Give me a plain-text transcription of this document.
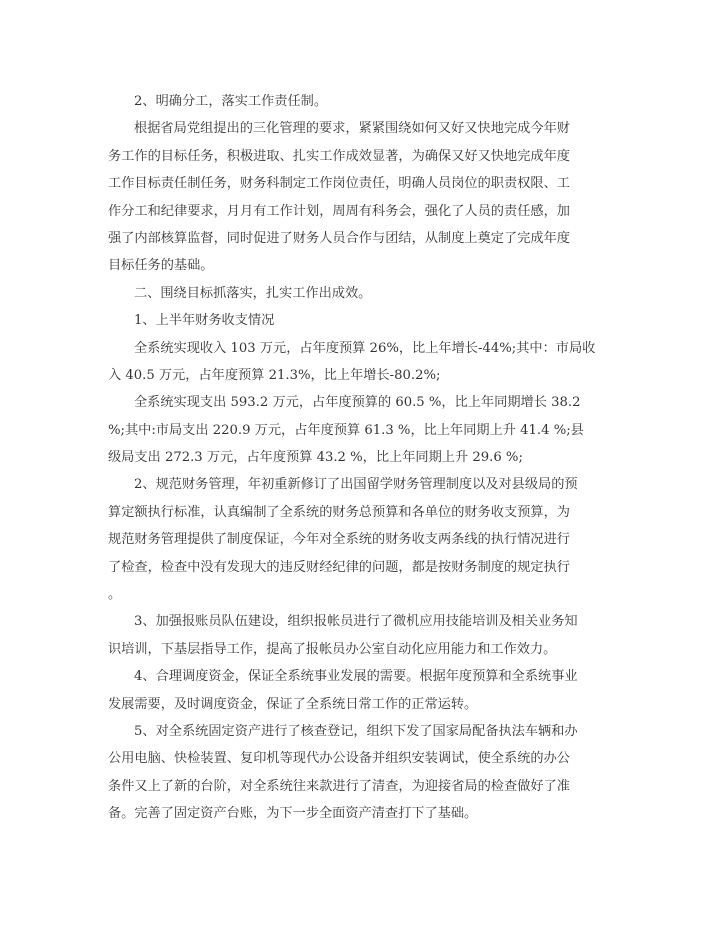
2、明确分工，落实工作责任制。
根据省局党组提出的三化管理的要求，紧紧围绕如何又好又快地完成今年财
务工作的目标任务，积极进取、扎实工作成效显著，为确保又好又快地完成年度
工作目标责任制任务，财务科制定工作岗位责任，明确人员岗位的职责权限、工
作分工和纪律要求，月月有工作计划，周周有科务会，强化了人员的责任感，加
强了内部核算监督，同时促进了财务人员合作与团结，从制度上奠定了完成年度
目标任务的基础。
二、围绕目标抓落实，扎实工作出成效。
1、上半年财务收支情况
全系统实现收入 103 万元，占年度预算 26%，比上年增长-44%;其中：市局收
入 40.5 万元，占年度预算 21.3%，比上年增长-80.2%;
全系统实现支出 593.2 万元，占年度预算的 60.5 %，比上年同期增长 38.2
%;其中:市局支出 220.9 万元，占年度预算 61.3 %，比上年同期上升 41.4 %;县
级局支出 272.3 万元，占年度预算 43.2 %，比上年同期上升 29.6 %;
2、规范财务管理，年初重新修订了出国留学财务管理制度以及对县级局的预
算定额执行标准，认真编制了全系统的财务总预算和各单位的财务收支预算，为
规范财务管理提供了制度保证，今年对全系统的财务收支两条线的执行情况进行
了检查，检查中没有发现大的违反财经纪律的问题，都是按财务制度的规定执行
。
3、加强报账员队伍建设，组织报帐员进行了微机应用技能培训及相关业务知
识培训，下基层指导工作，提高了报帐员办公室自动化应用能力和工作效力。
4、合理调度资金，保证全系统事业发展的需要。根据年度预算和全系统事业
发展需要，及时调度资金，保证了全系统日常工作的正常运转。
5、对全系统固定资产进行了核查登记，组织下发了国家局配备执法车辆和办
公用电脑、快检装置、复印机等现代办公设备并组织安装调试，使全系统的办公
条件又上了新的台阶，对全系统往来款进行了清查，为迎接省局的检查做好了准
备。完善了固定资产台账，为下一步全面资产清查打下了基础。
